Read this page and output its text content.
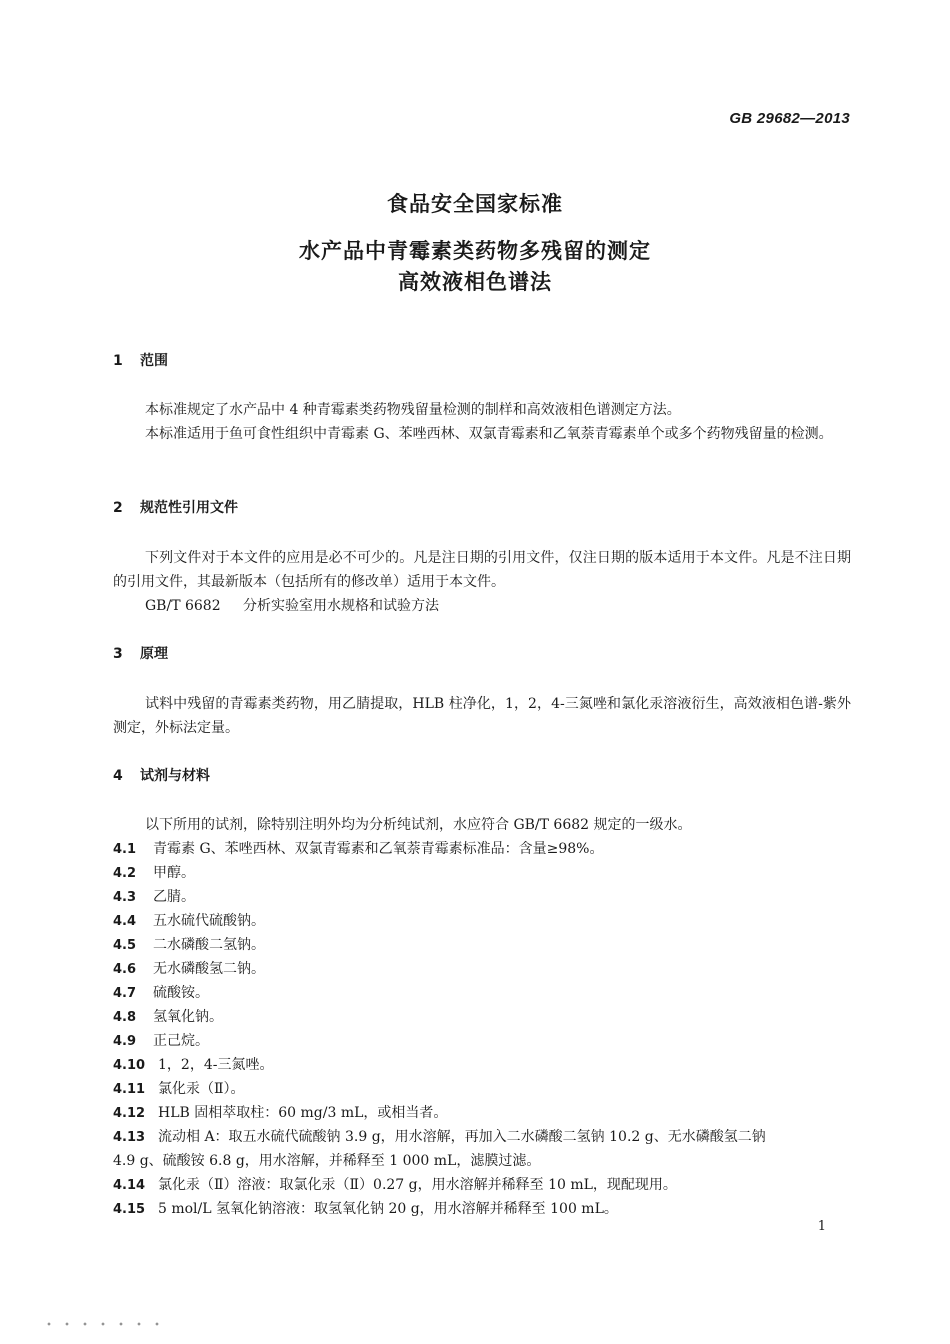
GB 29682—2013
食品安全国家标准
水产品中青霉素类药物多残留的测定
高效液相色谱法
1 范围
本标准规定了水产品中 4 种青霉素类药物残留量检测的制样和高效液相色谱测定方法。
本标准适用于鱼可食性组织中青霉素 G、苯唑西林、双氯青霉素和乙氧萘青霉素单个或多个药物残留量的检测。
2 规范性引用文件
下列文件对于本文件的应用是必不可少的。凡是注日期的引用文件，仅注日期的版本适用于本文件。凡是不注日期的引用文件，其最新版本（包括所有的修改单）适用于本文件。
GB/T 6682 分析实验室用水规格和试验方法
3 原理
试料中残留的青霉素类药物，用乙腈提取，HLB 柱净化，1，2，4-三氮唑和氯化汞溶液衍生，高效液相色谱-紫外测定，外标法定量。
4 试剂与材料
以下所用的试剂，除特别注明外均为分析纯试剂，水应符合 GB/T 6682 规定的一级水。
4.1 青霉素 G、苯唑西林、双氯青霉素和乙氧萘青霉素标准品：含量≥98%。
4.2 甲醇。
4.3 乙腈。
4.4 五水硫代硫酸钠。
4.5 二水磷酸二氢钠。
4.6 无水磷酸氢二钠。
4.7 硫酸铵。
4.8 氢氧化钠。
4.9 正己烷。
4.10 1，2，4-三氮唑。
4.11 氯化汞（Ⅱ）。
4.12 HLB 固相萃取柱：60 mg/3 mL，或相当者。
4.13 流动相 A：取五水硫代硫酸钠 3.9 g，用水溶解，再加入二水磷酸二氢钠 10.2 g、无水磷酸氢二钠
4.9 g、硫酸铵 6.8 g，用水溶解，并稀释至 1 000 mL，滤膜过滤。
4.14 氯化汞（Ⅱ）溶液：取氯化汞（Ⅱ）0.27 g，用水溶解并稀释至 10 mL，现配现用。
4.15 5 mol/L 氢氧化钠溶液：取氢氧化钠 20 g，用水溶解并稀释至 100 mL。
1
